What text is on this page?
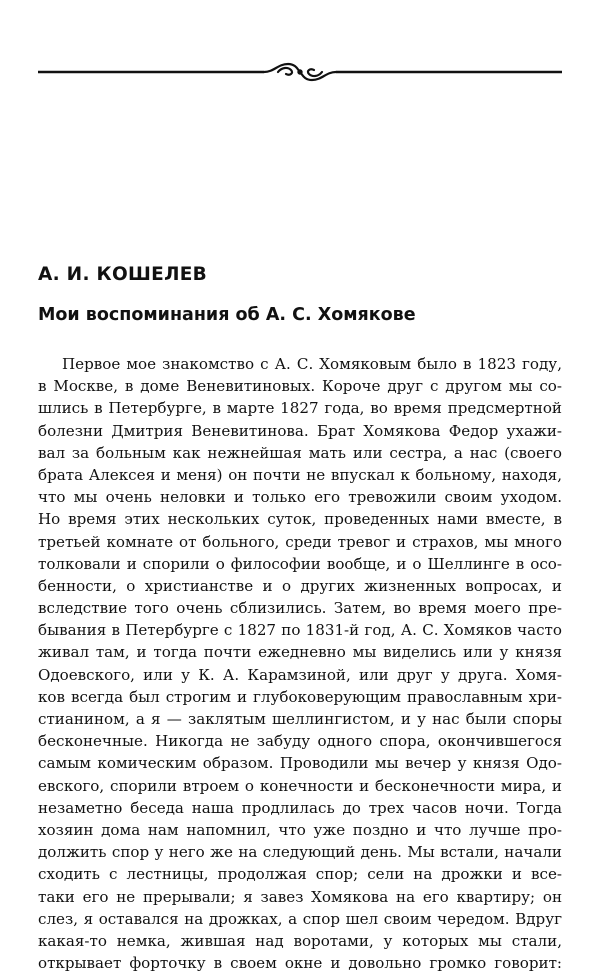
А. И. КОШЕЛЕВ
Мои воспоминания об А. С. Хомякове
Первое мое знакомство с А. С. Хомяковым было в 1823 году,
в Москве, в доме Веневитиновых. Короче друг с другом мы со-
шлись в Петербурге, в марте 1827 года, во время предсмертной
болезни Дмитрия Веневитинова. Брат Хомякова Федор ухажи-
вал за больным как нежнейшая мать или сестра, а нас (своего
брата Алексея и меня) он почти не впускал к больному, находя,
что мы очень неловки и только его тревожили своим уходом.
Но время этих нескольких суток, проведенных нами вместе, в
третьей комнате от больного, среди тревог и страхов, мы много
толковали и спорили о философии вообще, и о Шеллинге в осо-
бенности, о христианстве и о других жизненных вопросах, и
вследствие того очень сблизились. Затем, во время моего пре-
бывания в Петербурге с 1827 по 1831-й год, А. С. Хомяков часто
живал там, и тогда почти ежедневно мы виделись или у князя
Одоевского, или у К. А. Карамзиной, или друг у друга. Хомя-
ков всегда был строгим и глубоковерующим православным хри-
стианином, а я — заклятым шеллингистом, и у нас были споры
бесконечные. Никогда не забуду одного спора, окончившегося
самым комическим образом. Проводили мы вечер у князя Одо-
евского, спорили втроем о конечности и бесконечности мира, и
незаметно беседа наша продлилась до трех часов ночи. Тогда
хозяин дома нам напомнил, что уже поздно и что лучше про-
должить спор у него же на следующий день. Мы встали, начали
сходить с лестницы, продолжая спор; сели на дрожки и все-
таки его не прерывали; я завез Хомякова на его квартиру; он
слез, я оставался на дрожках, а спор шел своим чередом. Вдруг
какая-то немка, жившая над воротами, у которых мы стали,
открывает форточку в своем окне и довольно громко говорит:
